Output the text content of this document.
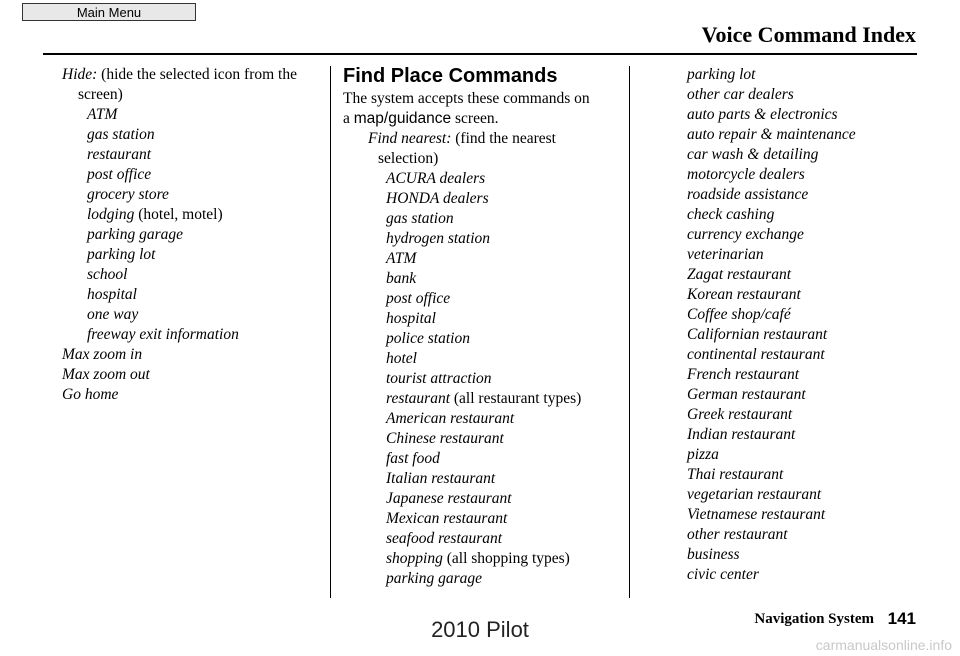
Main Menu
Voice Command Index
Hide: (hide the selected icon from the
screen)
ATM
gas station
restaurant
post office
grocery store
lodging (hotel, motel)
parking garage
parking lot
school
hospital
one way
freeway exit information
Max zoom in
Max zoom out
Go home
Find Place Commands
The system accepts these commands on
a map/guidance screen.
Find nearest: (find the nearest
selection)
ACURA dealers
HONDA dealers
gas station
hydrogen station
ATM
bank
post office
hospital
police station
hotel
tourist attraction
restaurant (all restaurant types)
American restaurant
Chinese restaurant
fast food
Italian restaurant
Japanese restaurant
Mexican restaurant
seafood restaurant
shopping (all shopping types)
parking garage
parking lot
other car dealers
auto parts & electronics
auto repair & maintenance
car wash & detailing
motorcycle dealers
roadside assistance
check cashing
currency exchange
veterinarian
Zagat restaurant
Korean restaurant
Coffee shop/café
Californian restaurant
continental restaurant
French restaurant
German restaurant
Greek restaurant
Indian restaurant
pizza
Thai restaurant
vegetarian restaurant
Vietnamese restaurant
other restaurant
business
civic center
Navigation System 141
2010 Pilot
carmanualsonline.info
